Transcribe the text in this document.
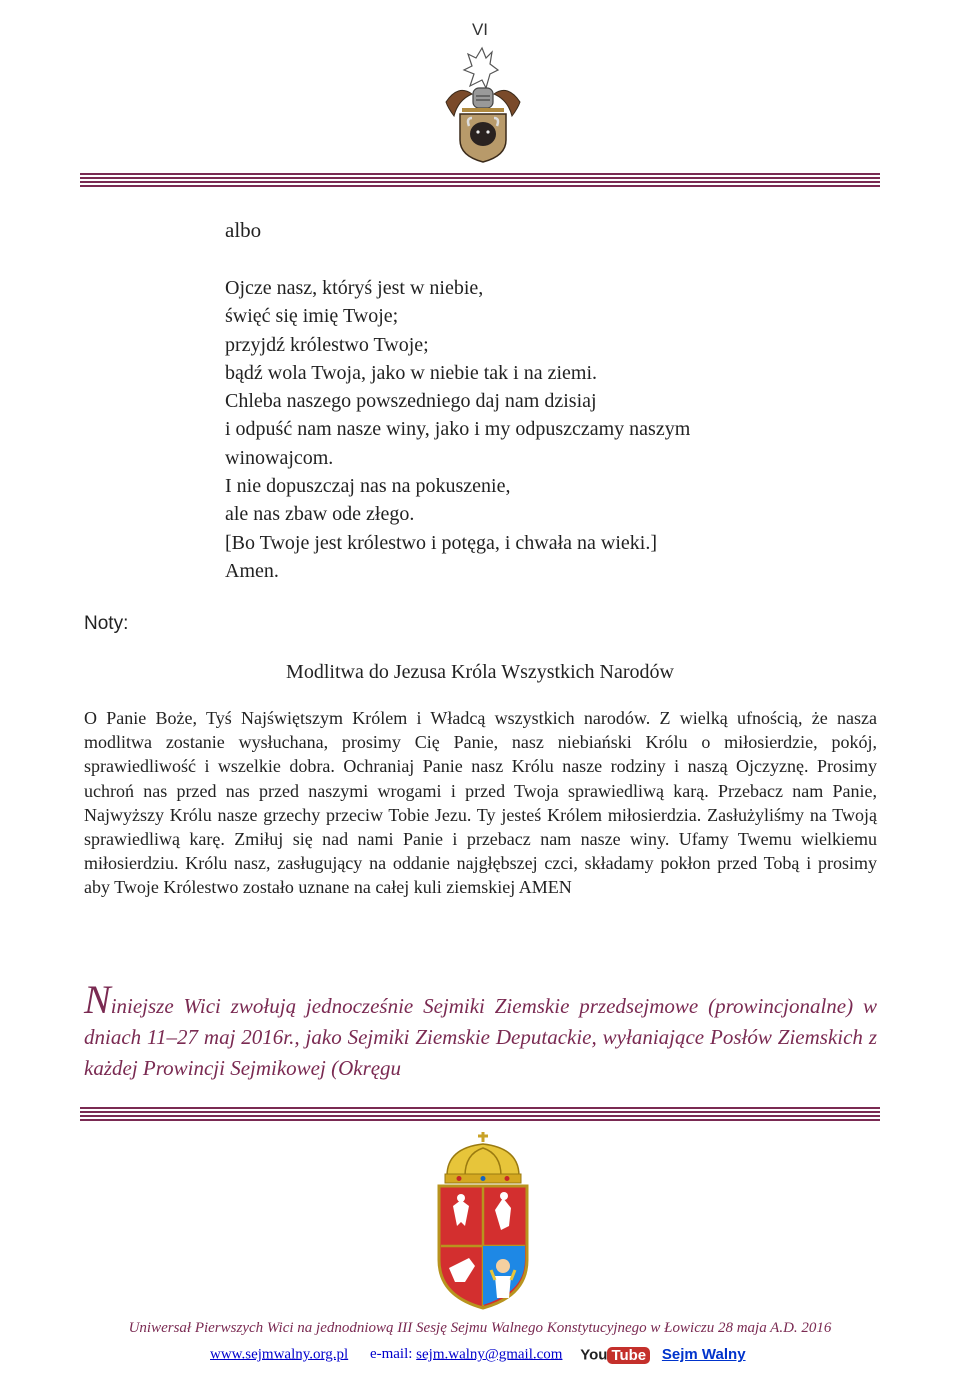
VI
albo
Ojcze nasz, któryś jest w niebie,
święć się imię Twoje;
przyjdź królestwo Twoje;
bądź wola Twoja, jako w niebie tak i na ziemi.
Chleba naszego powszedniego daj nam dzisiaj
i odpuść nam nasze winy, jako i my odpuszczamy naszym
winowajcom.
I nie dopuszczaj nas na pokuszenie,
ale nas zbaw ode złego.
[Bo Twoje jest królestwo i potęga, i chwała na wieki.]
Amen.
Noty:
Modlitwa do Jezusa Króla Wszystkich Narodów
O Panie Boże, Tyś Najświętszym Królem i Władcą wszystkich narodów. Z wielką ufnością, że nasza modlitwa zostanie wysłuchana, prosimy Cię Panie, nasz niebiański Królu o miłosierdzie, pokój, sprawiedliwość i wszelkie dobra. Ochraniaj Panie nasz Królu nasze rodziny i naszą Ojczyznę. Prosimy uchroń nas przed nas przed naszymi wrogami i przed Twoja sprawiedliwą karą. Przebacz nam Panie, Najwyższy Królu nasze grzechy przeciw Tobie Jezu. Ty jesteś Królem miłosierdzia. Zasłużyliśmy na Twoją sprawiedliwą karę. Zmiłuj się nad nami Panie i przebacz nam nasze winy. Ufamy Twemu wielkiemu miłosierdziu. Królu nasz, zasługujący na oddanie najgłębszej czci, składamy pokłon przed Tobą i prosimy aby Twoje Królestwo zostało uznane na całej kuli ziemskiej AMEN
Niniejsze Wici zwołują jednocześnie Sejmiki Ziemskie przedsejmowe (prowincjonalne) w dniach 11–27 maj 2016r., jako Sejmiki Ziemskie Deputackie, wyłaniające Posłów Ziemskich z każdej Prowincji Sejmikowej (Okręgu
Uniwersał Pierwszych Wici na jednodniową III Sesję Sejmu Walnego Konstytucyjnego w Łowiczu 28 maja A.D. 2016
www.sejmwalny.org.pl e-mail: sejm.walny@gmail.com You Tube Sejm Walny
